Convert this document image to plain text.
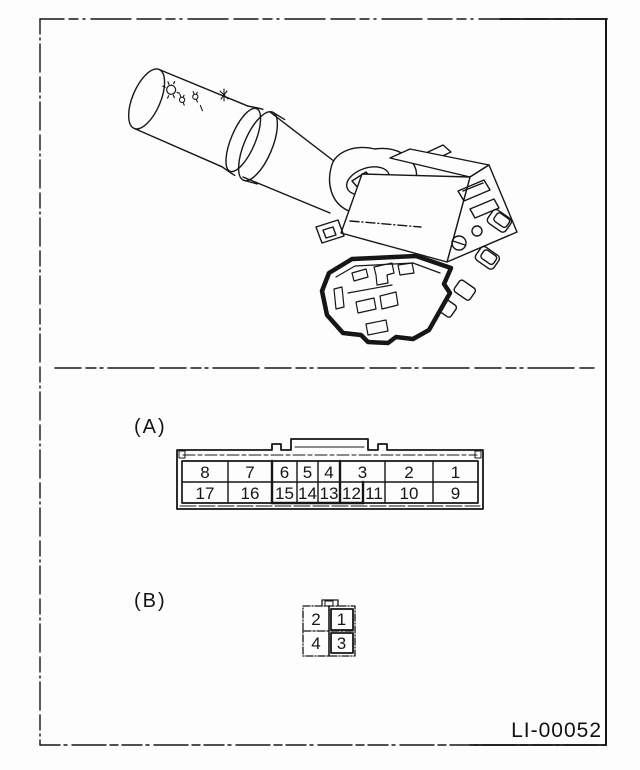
(A)
8	7	6 5 4	3	2	1
17	16 15 14 13 12 11 10	9
(B)
2 1
4 3
LI-00052
